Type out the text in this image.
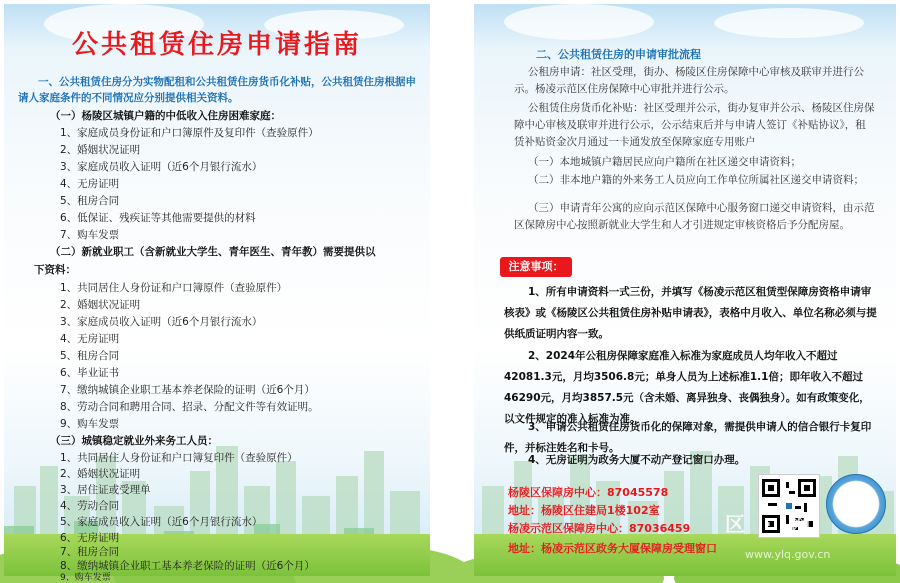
公共租赁住房申请指南
一、公共租赁住房分为实物配租和公共租赁住房货币化补贴，公共租赁住房根据申请人家庭条件的不同情况应分别提供相关资料。
（一）杨陵区城镇户籍的中低收入住房困难家庭：
1、家庭成员身份证和户口簿原件及复印件（查验原件）
2、婚姻状况证明
3、家庭成员收入证明（近6个月银行流水）
4、无房证明
5、租房合同
6、低保证、残疾证等其他需要提供的材料
7、购车发票
（二）新就业职工（含新就业大学生、青年医生、青年教）需要提供以
下资料：
1、共同居住人身份证和户口簿原件（查验原件）
2、婚姻状况证明
3、家庭成员收入证明（近6个月银行流水）
4、无房证明
5、租房合同
6、毕业证书
7、缴纳城镇企业职工基本养老保险的证明（近6个月）
8、劳动合同和聘用合同、招录、分配文件等有效证明。
9、购车发票
（三）城镇稳定就业外来务工人员：
1、共同居住人身份证和户口簿复印件（查验原件）
2、婚姻状况证明
3、居住证或受理单
4、劳动合同
5、家庭成员收入证明（近6个月银行流水）
6、无房证明
7、租房合同
8、缴纳城镇企业职工基本养老保险的证明（近6个月）
9、购车发票
二、公共租赁住房的申请审批流程
公租房申请：社区受理，街办、杨陵区住房保障中心审核及联审并进行公示。杨凌示范区住房保障中心审批并进行公示。
公租赁住房货币化补贴：社区受理并公示，街办复审并公示、杨陵区住房保障中心审核及联审并进行公示，公示结束后并与申请人签订《补贴协议》，租赁补贴资金次月通过一卡通发放至保障家庭专用账户
（一）本地城镇户籍居民应向户籍所在社区递交申请资料；
（二）非本地户籍的外来务工人员应向工作单位所属社区递交申请资料；
（三）申请青年公寓的应向示范区保障中心服务窗口递交申请资料，由示范区保障房中心按照新就业大学生和人才引进规定审核资格后予分配房屋。
注意事项：
1、所有申请资料一式三份，并填写《杨凌示范区租赁型保障房资格申请审核表》或《杨陵区公共租赁住房补贴申请表》，表格中月收入、单位名称必须与提供纸质证明内容一致。
2、2024年公租房保障家庭准入标准为家庭成员人均年收入不超过42081.3元，月均3506.8元；单身人员为上述标准1.1倍；即年收入不超过46290元，月均3857.5元（含未婚、离异独身、丧偶独身）。如有政策变化，以文件规定的准入标准为准。
3、申请公共租赁住房货币化的保障对象，需提供申请人的信合银行卡复印件，并标注姓名和卡号。
4、无房证明为政务大厦不动产登记窗口办理。
杨陵区保障房中心：87045578
地址：杨陵区住建局1楼102室
杨凌示范区保障房中心：87036459
地址：杨凌示范区政务大厦保障房受理窗口
区 · 网
www.ylq.gov.cn
